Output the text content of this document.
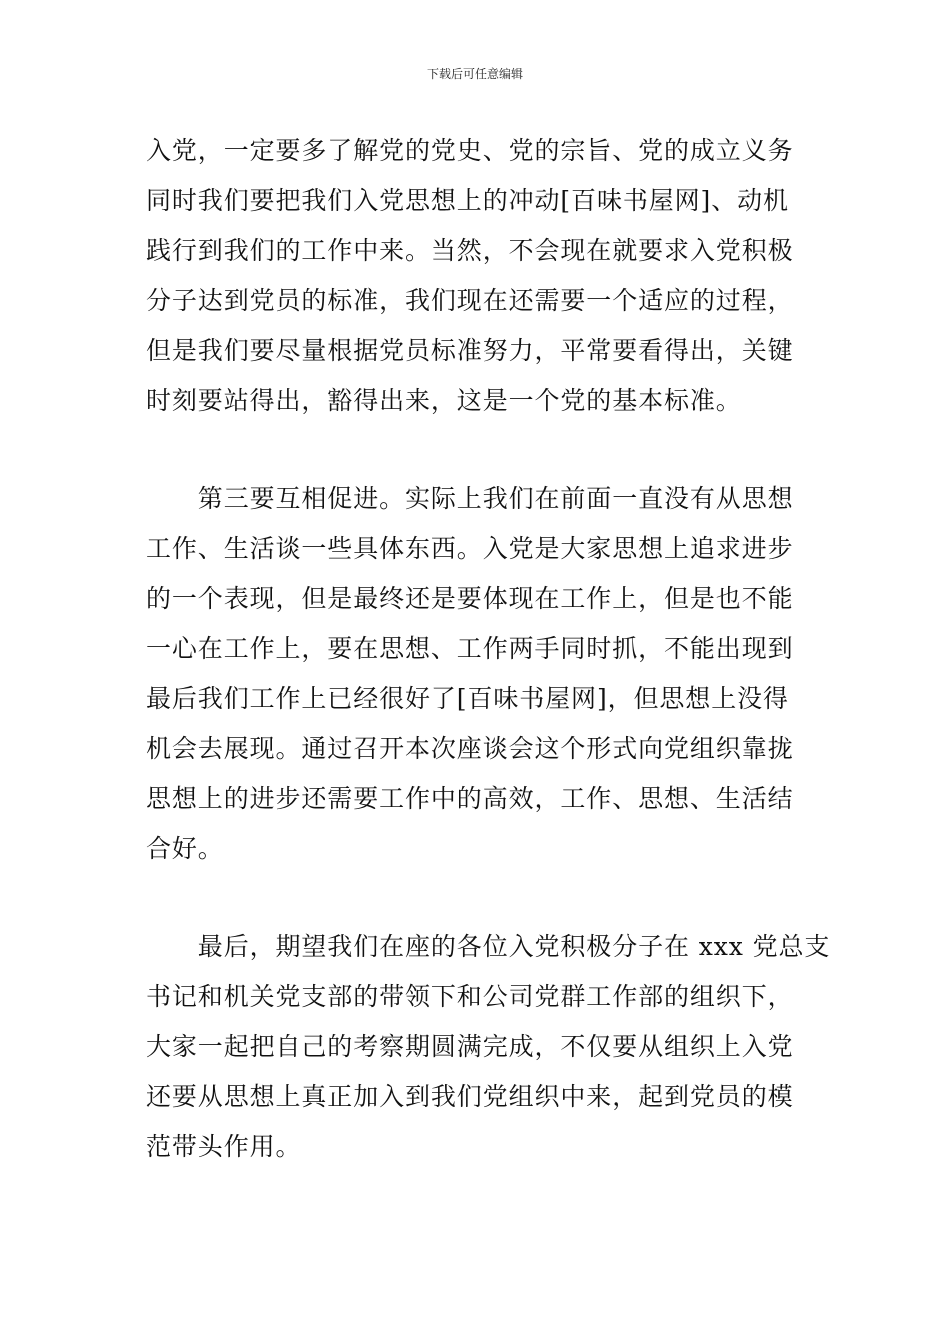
下载后可任意编辑
入党，一定要多了解党的党史、党的宗旨、党的成立义务
同时我们要把我们入党思想上的冲动[百味书屋网]、动机
践行到我们的工作中来。当然，不会现在就要求入党积极
分子达到党员的标准，我们现在还需要一个适应的过程，
但是我们要尽量根据党员标准努力，平常要看得出，关键
时刻要站得出，豁得出来，这是一个党的基本标准。
　　第三要互相促进。实际上我们在前面一直没有从思想
工作、生活谈一些具体东西。入党是大家思想上追求进步
的一个表现，但是最终还是要体现在工作上，但是也不能
一心在工作上，要在思想、工作两手同时抓，不能出现到
最后我们工作上已经很好了[百味书屋网]，但思想上没得
机会去展现。通过召开本次座谈会这个形式向党组织靠拢
思想上的进步还需要工作中的高效，工作、思想、生活结
合好。
　　最后，期望我们在座的各位入党积极分子在 xxx 党总支
书记和机关党支部的带领下和公司党群工作部的组织下，
大家一起把自己的考察期圆满完成，不仅要从组织上入党
还要从思想上真正加入到我们党组织中来，起到党员的模
范带头作用。
